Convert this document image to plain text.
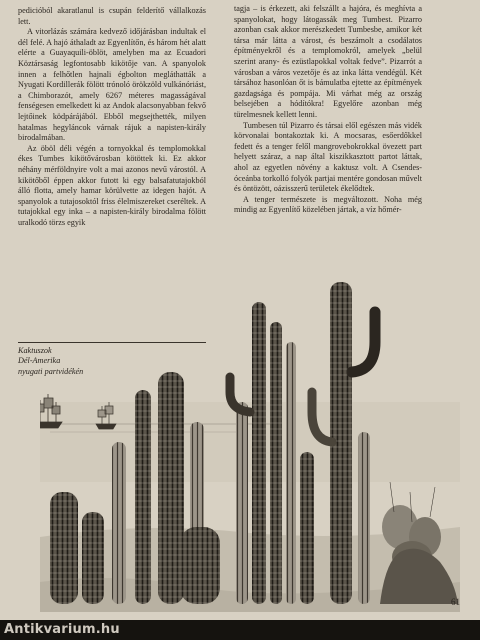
pedicióból akaratlanul is csupán felderítő vállalkozás lett.

A vitorlázás számára kedvező időjárásban indultak el dél felé. A hajó áthaladt az Egyenlítőn, és három hét alatt elérte a Guayaquili-öblöt, amelyben ma az Ecuadori Köztársaság legfontosabb kikötője van. A spanyolok innen a felhőtlen hajnali égbolton megláthatták a Nyugati Kordillerák fölött trónoló örökzöld vulkánóriást, a Chimborazót, amely 6267 méteres magasságával fenségesen emelkedett ki az Andok alacsonyabban fekvő lejtőinek ködpárájából. Ebből megsejthették, milyen hatalmas hegyláncok várnak rájuk a napisten-király birodalmában.

Az öböl déli végén a tornyokkal és templomokkal ékes Tumbes kikötővárosban kötöttek ki. Ez akkor néhány mérföldnyire volt a mai azonos nevű várostól. A kikötőből éppen akkor futott ki egy balsafatutajokból álló flotta, amely hamar körülvette az idegen hajót. A spanyolok a tutajosoktól friss élelmiszereket cseréltek. A tutajokkal egy inka – a napisten-király birodalma fölött uralkodó törzs egyik

tagja – is érkezett, aki felszállt a hajóra, és meghívta a spanyolokat, hogy látogassák meg Tumbest. Pizarro azonban csak akkor merészkedett Tumbesbe, amikor két társa már látta a várost, és beszámolt a csodálatos építményekről és a templomokról, amelyek „belül szerint arany- és ezüstlapokkal voltak fedve”. Pizarrót a városban a város vezetője és az inka látta vendégül. Két társához hasonlóan őt is bámulatba ejtette az építmények gazdagsága és pompája. Mi várhat még az ország belsejében a hódítókra! Egyelőre azonban még türelmesnek kellett lenni.

Tumbesen túl Pizarro és társai elől egészen más vidék körvonalai bontakoztak ki. A mocsaras, esőerdőkkel fedett és a tenger felől mangrovebokrokkal övezett part helyett száraz, a nap által kiszikkasztott partot láttak, ahol az egyetlen növény a kaktusz volt. A Csendes-óceánba torkolló folyók partjai mentére gondosan művelt és öntözött, oázisszerű területek ékelődtek.

A tenger természete is megváltozott. Noha még mindig az Egyenlítő közelében jártak, a víz hőmér-

Kaktuszok
Dél-Amerika
nyugati partvidékén
61
Antikvarium.hu
